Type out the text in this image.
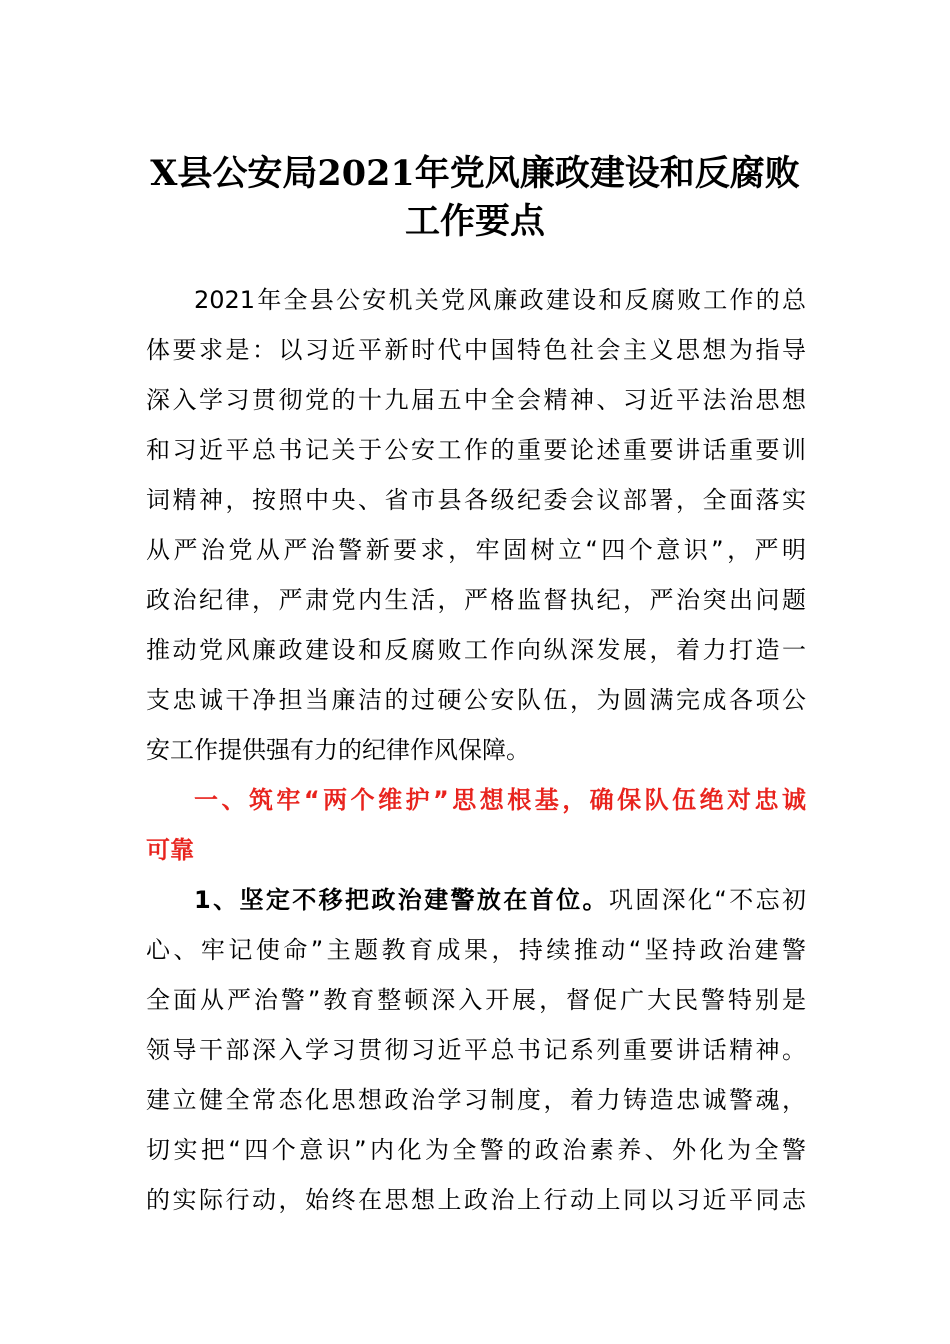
X县公安局2021年党风廉政建设和反腐败
工作要点
2021年全县公安机关党风廉政建设和反腐败工作的总
体要求是：以习近平新时代中国特色社会主义思想为指导
深入学习贯彻党的十九届五中全会精神、习近平法治思想
和习近平总书记关于公安工作的重要论述重要讲话重要训
词精神，按照中央、省市县各级纪委会议部署，全面落实
从严治党从严治警新要求，牢固树立“四个意识”，严明
政治纪律，严肃党内生活，严格监督执纪，严治突出问题
推动党风廉政建设和反腐败工作向纵深发展，着力打造一
支忠诚干净担当廉洁的过硬公安队伍，为圆满完成各项公
安工作提供强有力的纪律作风保障。
一、筑牢“两个维护”思想根基，确保队伍绝对忠诚
可靠
1、坚定不移把政治建警放在首位。巩固深化“不忘初
心、牢记使命”主题教育成果，持续推动“坚持政治建警
全面从严治警”教育整顿深入开展，督促广大民警特别是
领导干部深入学习贯彻习近平总书记系列重要讲话精神。
建立健全常态化思想政治学习制度，着力铸造忠诚警魂，
切实把“四个意识”内化为全警的政治素养、外化为全警
的实际行动，始终在思想上政治上行动上同以习近平同志
